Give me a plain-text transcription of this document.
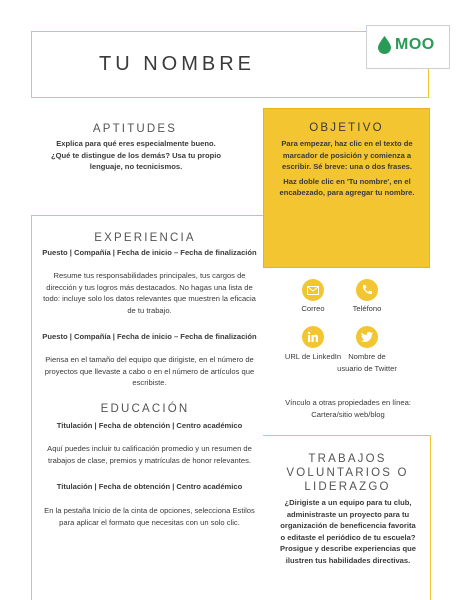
TU NOMBRE
MOO
APTITUDES
Explica para qué eres especialmente bueno. ¿Qué te distingue de los demás? Usa tu propio lenguaje, no tecnicismos.
OBJETIVO

Para empezar, haz clic en el texto de marcador de posición y comienza a escribir. Sé breve: una o dos frases.

Haz doble clic en 'Tu nombre', en el encabezado, para agregar tu nombre.

EXPERIENCIA
Puesto | Compañía | Fecha de inicio – Fecha de finalización
Resume tus responsabilidades principales, tus cargos de dirección y tus logros más destacados. No hagas una lista de todo: incluye solo los datos relevantes que muestren la eficacia de tu trabajo.
Puesto | Compañía | Fecha de inicio – Fecha de finalización
Piensa en el tamaño del equipo que dirigiste, en el número de proyectos que llevaste a cabo o en el número de artículos que escribiste.
EDUCACIÓN
Titulación | Fecha de obtención | Centro académico
Aquí puedes incluir tu calificación promedio y un resumen de trabajos de clase, premios y matrículas de honor relevantes.
Titulación | Fecha de obtención | Centro académico
En la pestaña Inicio de la cinta de opciones, selecciona Estilos para aplicar el formato que necesitas con un solo clic.
Correo	Teléfono
URL de LinkedIn Nombre de usuario de Twitter
Vínculo a otras propiedades en línea: Cartera/sitio web/blog
TRABAJOS VOLUNTARIOS O LIDERAZGO
¿Dirigiste a un equipo para tu club, administraste un proyecto para tu organización de beneficencia favorita o editaste el periódico de tu escuela? Prosigue y describe experiencias que ilustren tus habilidades directivas.
